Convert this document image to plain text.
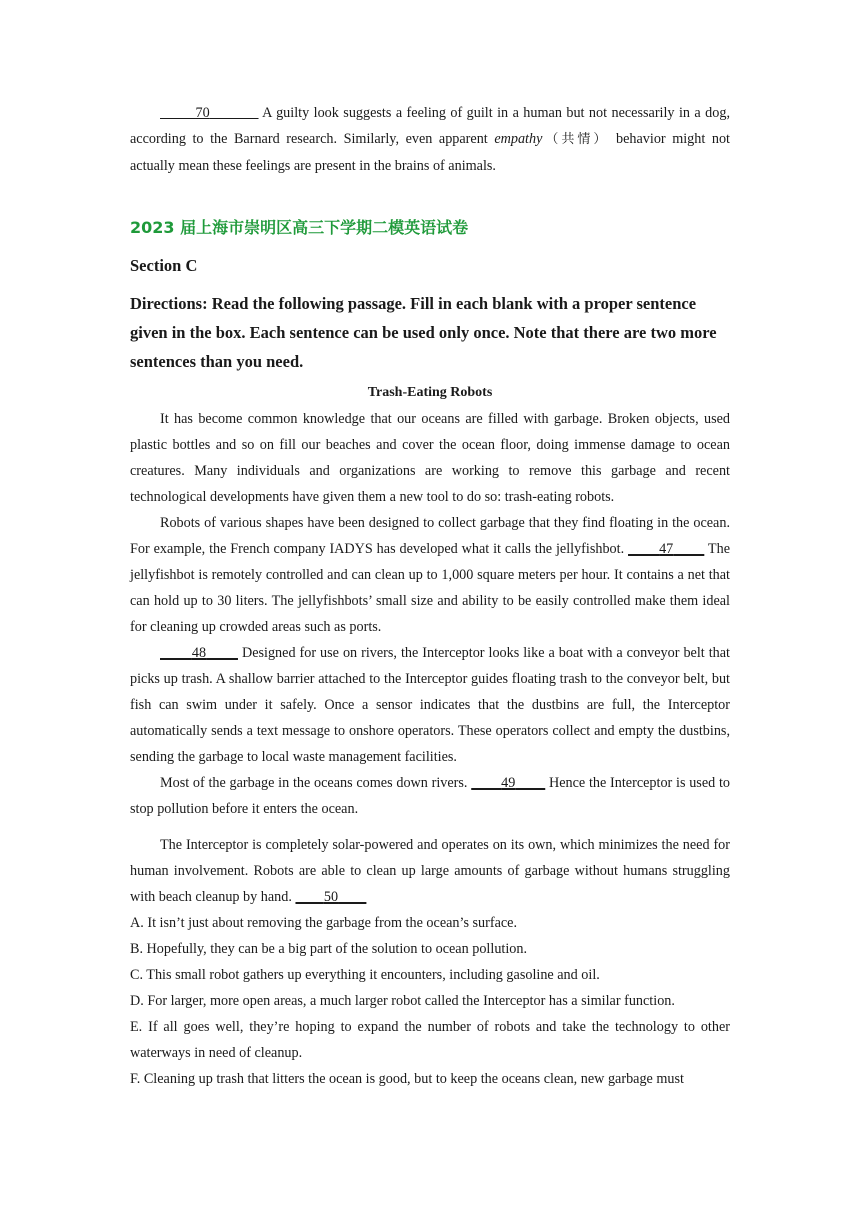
70	A guilty look suggests a feeling of guilt in a human but not necessarily in a dog, according to the Barnard research. Similarly, even apparent empathy（共情） behavior might not actually mean these feelings are present in the brains of animals.

2023 届上海市崇明区高三下学期二模英语试卷
Section C
Directions: Read the following passage. Fill in each blank with a proper sentence given in the box. Each sentence can be used only once. Note that there are two more sentences than you need.
Trash-Eating Robots

It has become common knowledge that our oceans are filled with garbage. Broken objects, used plastic bottles and so on fill our beaches and cover the ocean floor, doing immense damage to ocean creatures. Many individuals and organizations are working to remove this garbage and recent technological developments have given them a new tool to do so: trash-eating robots.

Robots of various shapes have been designed to collect garbage that they find floating in the ocean. For example, the French company IADYS has developed what it calls the jellyfishbot.         47         The jellyfishbot is remotely controlled and can clean up to 1,000 square meters per hour. It contains a net that can hold up to 30 liters. The jellyfishbots’ small size and ability to be easily controlled make them ideal for cleaning up crowded areas such as ports.

48         Designed for use on rivers, the Interceptor looks like a boat with a conveyor belt that picks up trash. A shallow barrier attached to the Interceptor guides floating trash to the conveyor belt, but fish can swim under it safely. Once a sensor indicates that the dustbins are full, the Interceptor automatically sends a text message to onshore operators. These operators collect and empty the dustbins, sending the garbage to local waste management facilities.

Most of the garbage in the oceans comes down rivers.         49         Hence the Interceptor is used to stop pollution before it enters the ocean.

The Interceptor is completely solar-powered and operates on its own, which minimizes the need for human involvement. Robots are able to clean up large amounts of garbage without humans struggling with beach cleanup by hand.         50

A. It isn’t just about removing the garbage from the ocean’s surface.

B. Hopefully, they can be a big part of the solution to ocean pollution.

C. This small robot gathers up everything it encounters, including gasoline and oil.

D. For larger, more open areas, a much larger robot called the Interceptor has a similar function.

E. If all goes well, they’re hoping to expand the number of robots and take the technology to other waterways in need of cleanup.

F. Cleaning up trash that litters the ocean is good, but to keep the oceans clean, new garbage must
